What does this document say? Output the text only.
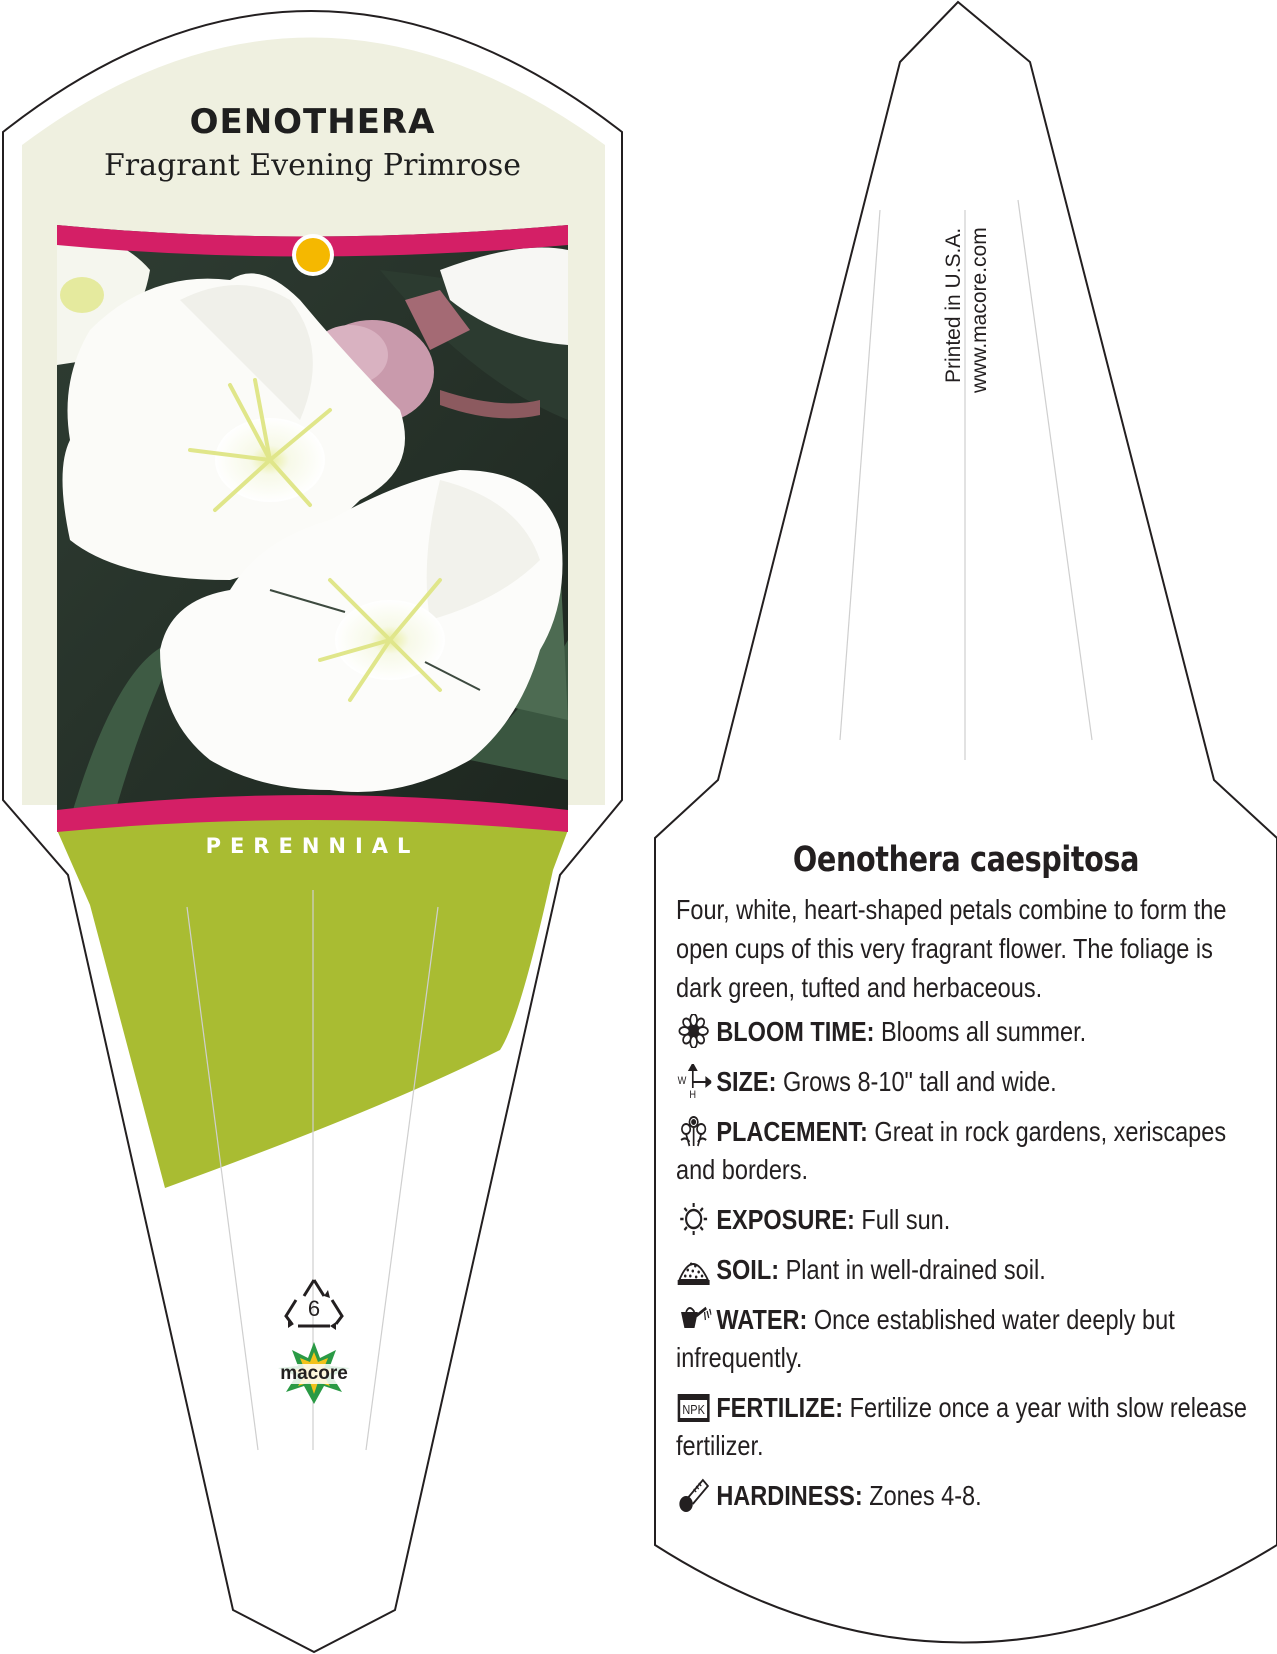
OENOTHERA
Fragrant Evening Primrose
PERENNIAL
6
macore
Printed in U.S.A. www.macore.com
Oenothera caespitosa
Four, white, heart-shaped petals combine to form the open cups of this very fragrant flower. The foliage is dark green, tufted and herbaceous.
BLOOM TIME: Blooms all summer.
W
H SIZE: Grows 8-10" tall and wide.
PLACEMENT: Great in rock gardens, xeriscapes and borders.
EXPOSURE: Full sun.
SOIL: Plant in well-drained soil.
WATER: Once established water deeply but infrequently.
NPK FERTILIZE: Fertilize once a year with slow release fertilizer.
HARDINESS: Zones 4-8.
